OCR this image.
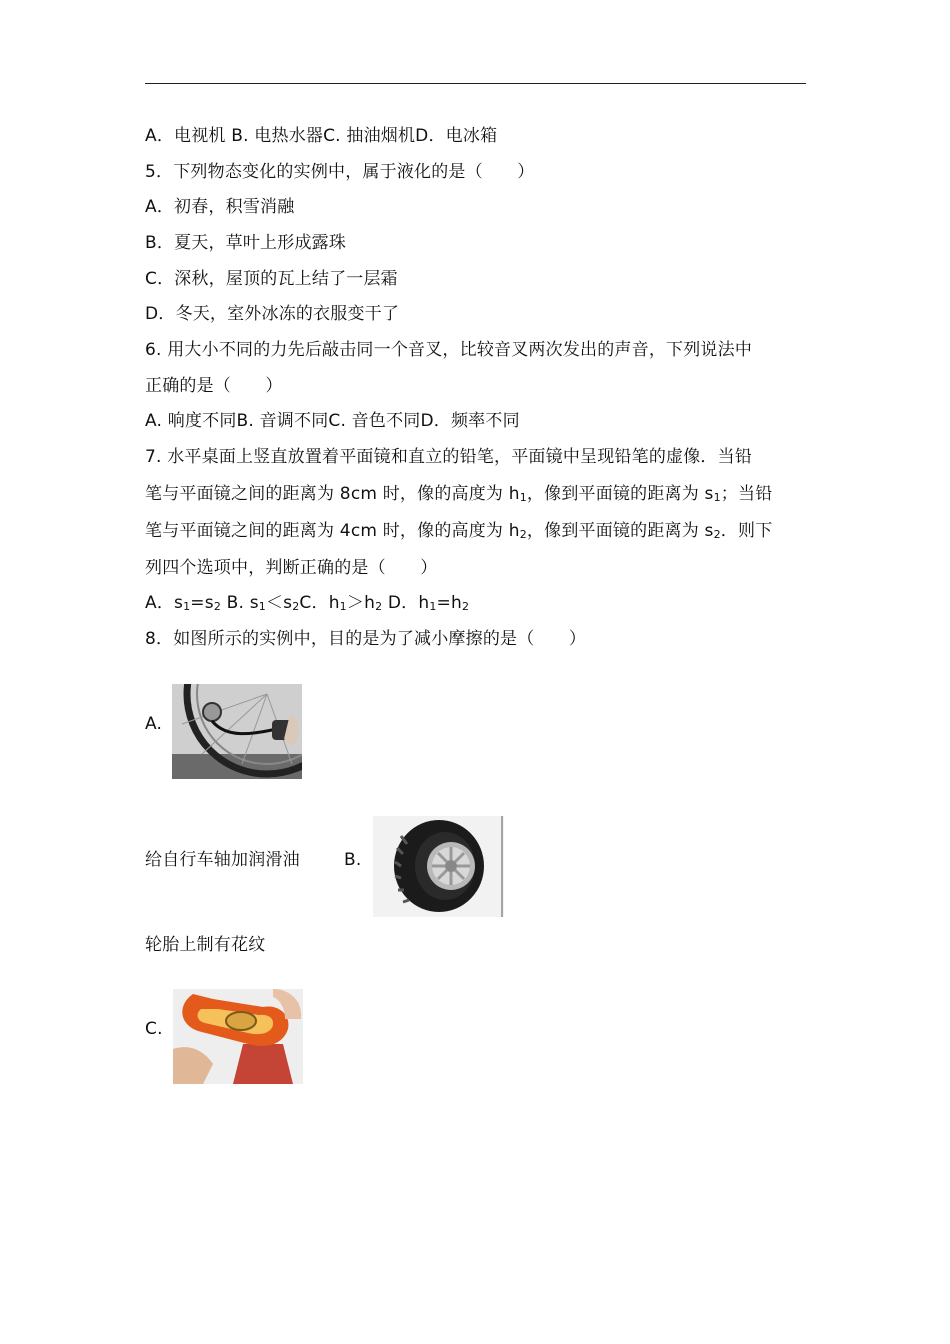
A．电视机 B. 电热水器C. 抽油烟机D．电冰箱
5．下列物态变化的实例中，属于液化的是（　　）
A．初春，积雪消融
B．夏天，草叶上形成露珠
C．深秋，屋顶的瓦上结了一层霜
D．冬天，室外冰冻的衣服变干了
6. 用大小不同的力先后敲击同一个音叉，比较音叉两次发出的声音，下列说法中
正确的是（　　）
A. 响度不同B. 音调不同C. 音色不同D．频率不同
7. 水平桌面上竖直放置着平面镜和直立的铅笔，平面镜中呈现铅笔的虚像．当铅
笔与平面镜之间的距离为 8cm 时，像的高度为 $h_1$，像到平面镜的距离为 $s_1$；当铅
笔与平面镜之间的距离为 4cm 时，像的高度为 $h_2$，像到平面镜的距离为 $s_2$．则下
列四个选项中，判断正确的是（　　）
A．$s_1=s_2$ B. $s_1<s_2C$．$h_1>h_2$ D．$h_1=h_2$
8．如图所示的实例中，目的是为了减小摩擦的是（　　）
A.
给自行车轴加润滑油	B.
轮胎上制有花纹
C.
